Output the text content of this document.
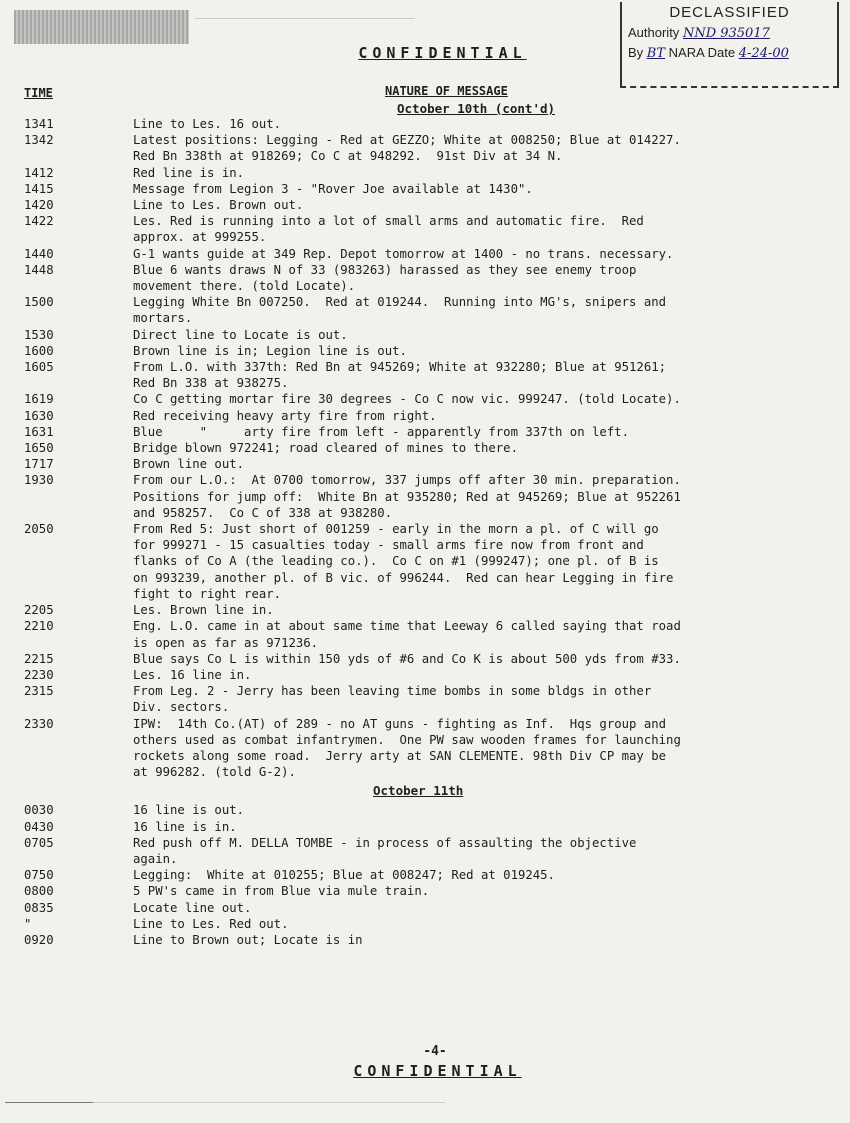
CONFIDENTIAL
DECLASSIFIED
Authority NND 935017
By BT NARA Date 4-24-00
TIME	NATURE OF MESSAGE
October 10th (cont'd)
1341	Line to Les. 16 out.
1342	Latest positions: Legging - Red at GEZZO; White at 008250; Blue at 014227.
Red Bn 338th at 918269; Co C at 948292.  91st Div at 34 N.
1412	Red line is in.
1415	Message from Legion 3 - "Rover Joe available at 1430".
1420	Line to Les. Brown out.
1422	Les. Red is running into a lot of small arms and automatic fire.  Red
approx. at 999255.
1440	G-1 wants guide at 349 Rep. Depot tomorrow at 1400 - no trans. necessary.
1448	Blue 6 wants draws N of 33 (983263) harassed as they see enemy troop
movement there. (told Locate).
1500	Legging White Bn 007250.  Red at 019244.  Running into MG's, snipers and
mortars.
1530	Direct line to Locate is out.
1600	Brown line is in; Legion line is out.
1605	From L.O. with 337th: Red Bn at 945269; White at 932280; Blue at 951261;
Red Bn 338 at 938275.
1619	Co C getting mortar fire 30 degrees - Co C now vic. 999247. (told Locate).
1630	Red receiving heavy arty fire from right.
1631	Blue     "     arty fire from left - apparently from 337th on left.
1650	Bridge blown 972241; road cleared of mines to there.
1717	Brown line out.
1930	From our L.O.:  At 0700 tomorrow, 337 jumps off after 30 min. preparation.
Positions for jump off:  White Bn at 935280; Red at 945269; Blue at 952261
and 958257.  Co C of 338 at 938280.
2050	From Red 5: Just short of 001259 - early in the morn a pl. of C will go
for 999271 - 15 casualties today - small arms fire now from front and
flanks of Co A (the leading co.).  Co C on #1 (999247); one pl. of B is
on 993239, another pl. of B vic. of 996244.  Red can hear Legging in fire
fight to right rear.
2205	Les. Brown line in.
2210	Eng. L.O. came in at about same time that Leeway 6 called saying that road
is open as far as 971236.
2215	Blue says Co L is within 150 yds of #6 and Co K is about 500 yds from #33.
2230	Les. 16 line in.
2315	From Leg. 2 - Jerry has been leaving time bombs in some bldgs in other
Div. sectors.
2330	IPW:  14th Co.(AT) of 289 - no AT guns - fighting as Inf.  Hqs group and
others used as combat infantrymen.  One PW saw wooden frames for launching
rockets along some road.  Jerry arty at SAN CLEMENTE. 98th Div CP may be
at 996282. (told G-2).
October 11th
0030	16 line is out.
0430	16 line is in.
0705	Red push off M. DELLA TOMBE - in process of assaulting the objective
again.
0750	Legging:  White at 010255; Blue at 008247; Red at 019245.
0800	5 PW's came in from Blue via mule train.
0835	Locate line out.
"	Line to Les. Red out.
0920	Line to Brown out; Locate is in
-4-
CONFIDENTIAL
